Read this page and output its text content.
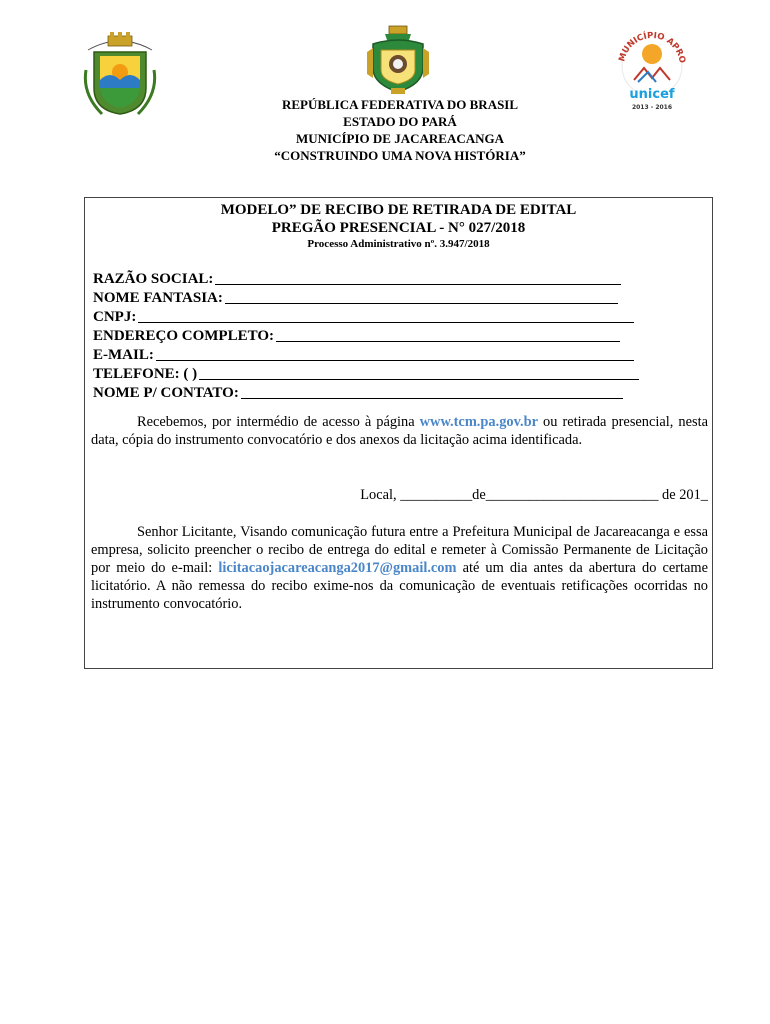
MUNICÍPIO APRO
unicef
2013 - 2016
REPÚBLICA FEDERATIVA DO BRASIL
ESTADO DO PARÁ
MUNICÍPIO DE JACAREACANGA
“CONSTRUINDO UMA NOVA HISTÓRIA”
MODELO” DE RECIBO DE RETIRADA DE EDITAL
PREGÃO PRESENCIAL - N° 027/2018
Processo Administrativo nº. 3.947/2018
RAZÃO SOCIAL:
NOME FANTASIA:
CNPJ:
ENDEREÇO COMPLETO:
E-MAIL:
TELEFONE: ( )
NOME P/ CONTATO:
Recebemos, por intermédio de acesso à página www.tcm.pa.gov.br ou retirada presencial, nesta data, cópia do instrumento convocatório e dos anexos da licitação acima identificada.
Local, __________de________________________ de 201_
Senhor Licitante, Visando comunicação futura entre a Prefeitura Municipal de Jacareacanga e essa empresa, solicito preencher o recibo de entrega do edital e remeter à Comissão Permanente de Licitação por meio do e-mail: licitacaojacareacanga2017@gmail.com até um dia antes da abertura do certame licitatório. A não remessa do recibo exime-nos da comunicação de eventuais retificações ocorridas no instrumento convocatório.
